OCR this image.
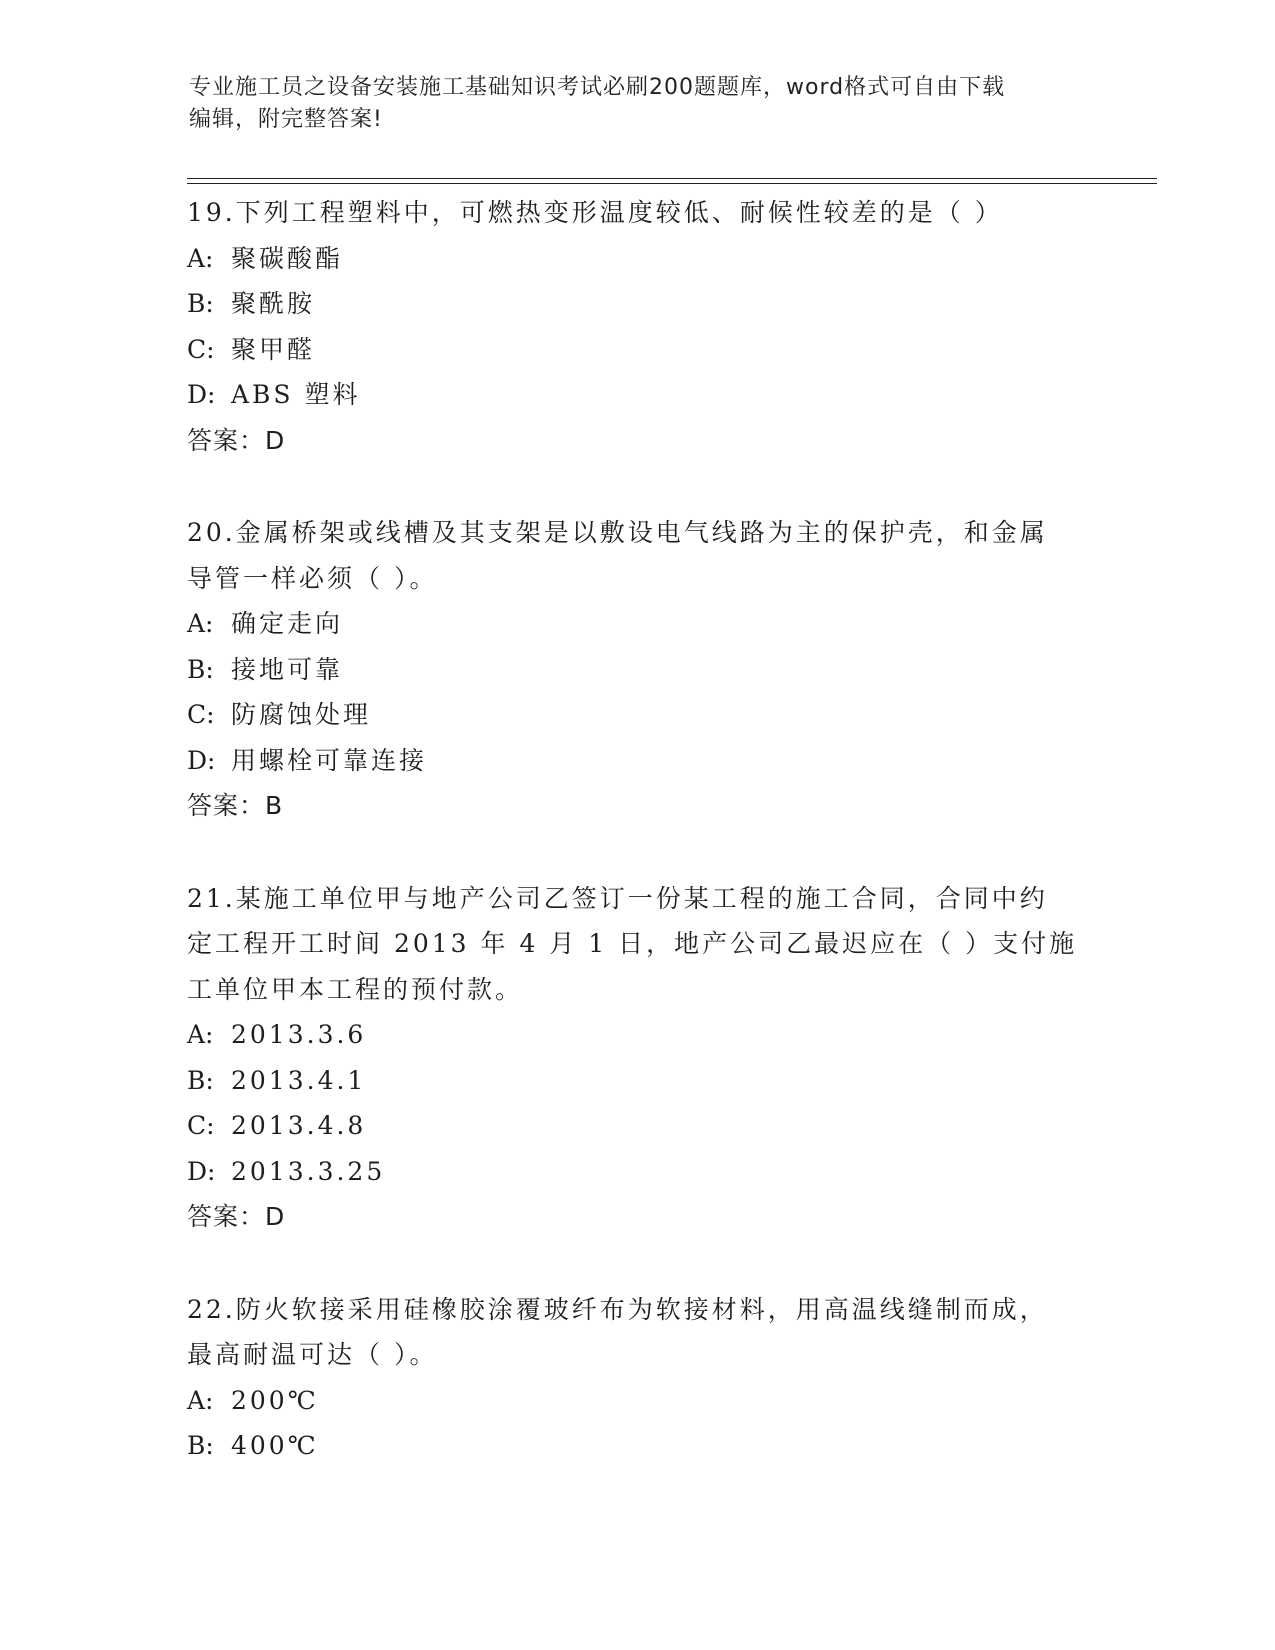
专业施工员之设备安装施工基础知识考试必刷200题题库，word格式可自由下载
编辑，附完整答案!
19.下列工程塑料中，可燃热变形温度较低、耐候性较差的是（ ）
A: 聚碳酸酯
B: 聚酰胺
C: 聚甲醛
D: ABS 塑料
答案：D
20.金属桥架或线槽及其支架是以敷设电气线路为主的保护壳，和金属
导管一样必须（ ）。
A: 确定走向
B: 接地可靠
C: 防腐蚀处理
D: 用螺栓可靠连接
答案：B
21.某施工单位甲与地产公司乙签订一份某工程的施工合同，合同中约
定工程开工时间 2013 年 4 月 1 日，地产公司乙最迟应在（ ）支付施
工单位甲本工程的预付款。
A: 2013.3.6
B: 2013.4.1
C: 2013.4.8
D: 2013.3.25
答案：D
22.防火软接采用硅橡胶涂覆玻纤布为软接材料，用高温线缝制而成，
最高耐温可达（ ）。
A: 200℃
B: 400℃
